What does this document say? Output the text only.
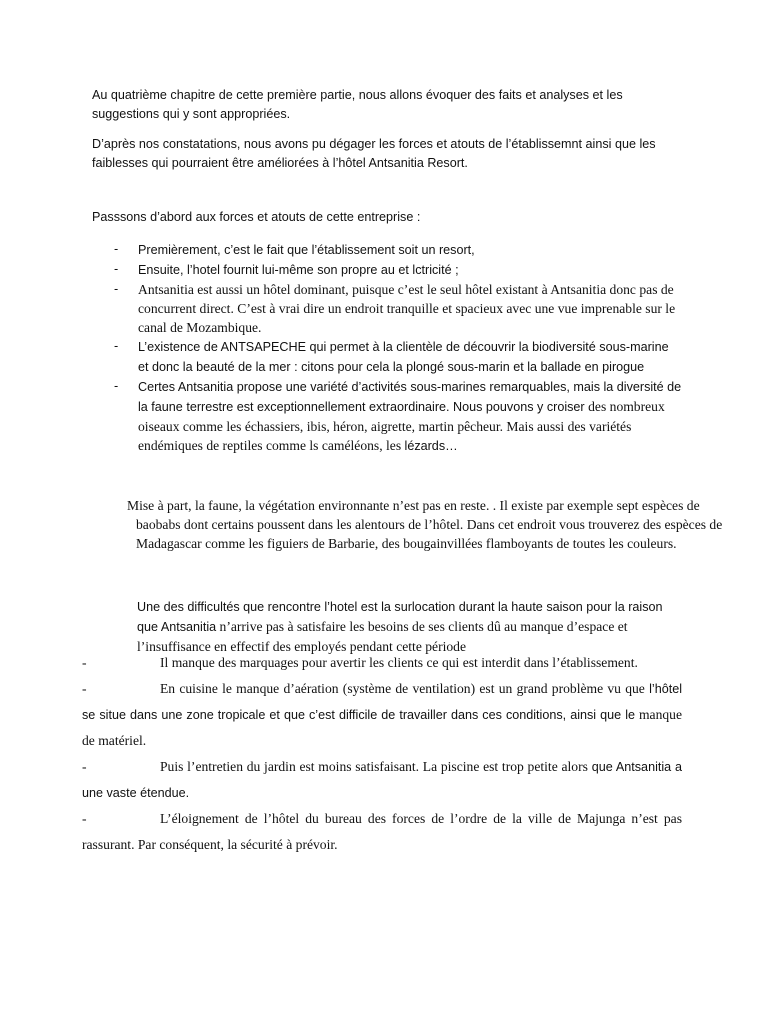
Au quatrième chapitre de cette première partie, nous allons évoquer des faits et analyses et les suggestions qui y sont appropriées.

D’après nos constatations, nous avons pu dégager les forces et atouts de l’établissemnt ainsi que les faiblesses qui pourraient être améliorées à l’hôtel Antsanitia Resort.

Passsons d’abord aux forces et atouts de cette entreprise :

- Premièrement, c’est le fait que l’établissement soit un resort,
- Ensuite, l’hotel fournit lui-même son propre au et lctricité ;
- Antsanitia est aussi un hôtel dominant, puisque c’est le seul hôtel existant à Antsanitia donc pas de concurrent direct. C’est à vrai dire un endroit tranquille et spacieux avec une vue imprenable sur le canal de Mozambique.
- L’existence de ANTSAPECHE qui permet à la clientèle de découvrir la biodiversité sous-marine et donc la beauté de la mer : citons pour cela la plongé sous-marin et la ballade en pirogue
- Certes Antsanitia propose une variété d’activités sous-marines remarquables, mais la diversité de la faune terrestre est exceptionnellement extraordinaire. Nous pouvons y croiser des nombreux oiseaux comme les échassiers, ibis, héron, aigrette, martin pêcheur. Mais aussi des variétés endémiques de reptiles comme ls caméléons, les lézards…

Mise à part, la faune, la végétation environnante n’est pas en reste. . Il existe par exemple sept espèces de baobabs dont certains poussent dans les alentours de l’hôtel. Dans cet endroit vous trouverez des espèces de Madagascar comme les figuiers de Barbarie, des bougainvillées flamboyants de toutes les couleurs.

Une des difficultés que rencontre l’hotel est la surlocation durant la haute saison pour la raison que Antsanitia n’arrive pas à satisfaire les besoins de ses clients dû au manque d’espace et l’insuffisance en effectif des employés pendant cette période

-	Il manque des marquages pour avertir les clients ce qui est interdit dans l’établissement.

-	En cuisine le manque d’aération (système de ventilation) est un grand problème vu que l’hôtel se situe dans une zone tropicale et que c’est difficile de travailler dans ces conditions, ainsi que le manque de matériel.

-	Puis l’entretien du jardin est moins satisfaisant. La piscine est trop petite alors que Antsanitia a une vaste étendue.

-	L’éloignement de l’hôtel du bureau des forces de l’ordre de la ville de Majunga n’est pas rassurant. Par conséquent, la sécurité à prévoir.
